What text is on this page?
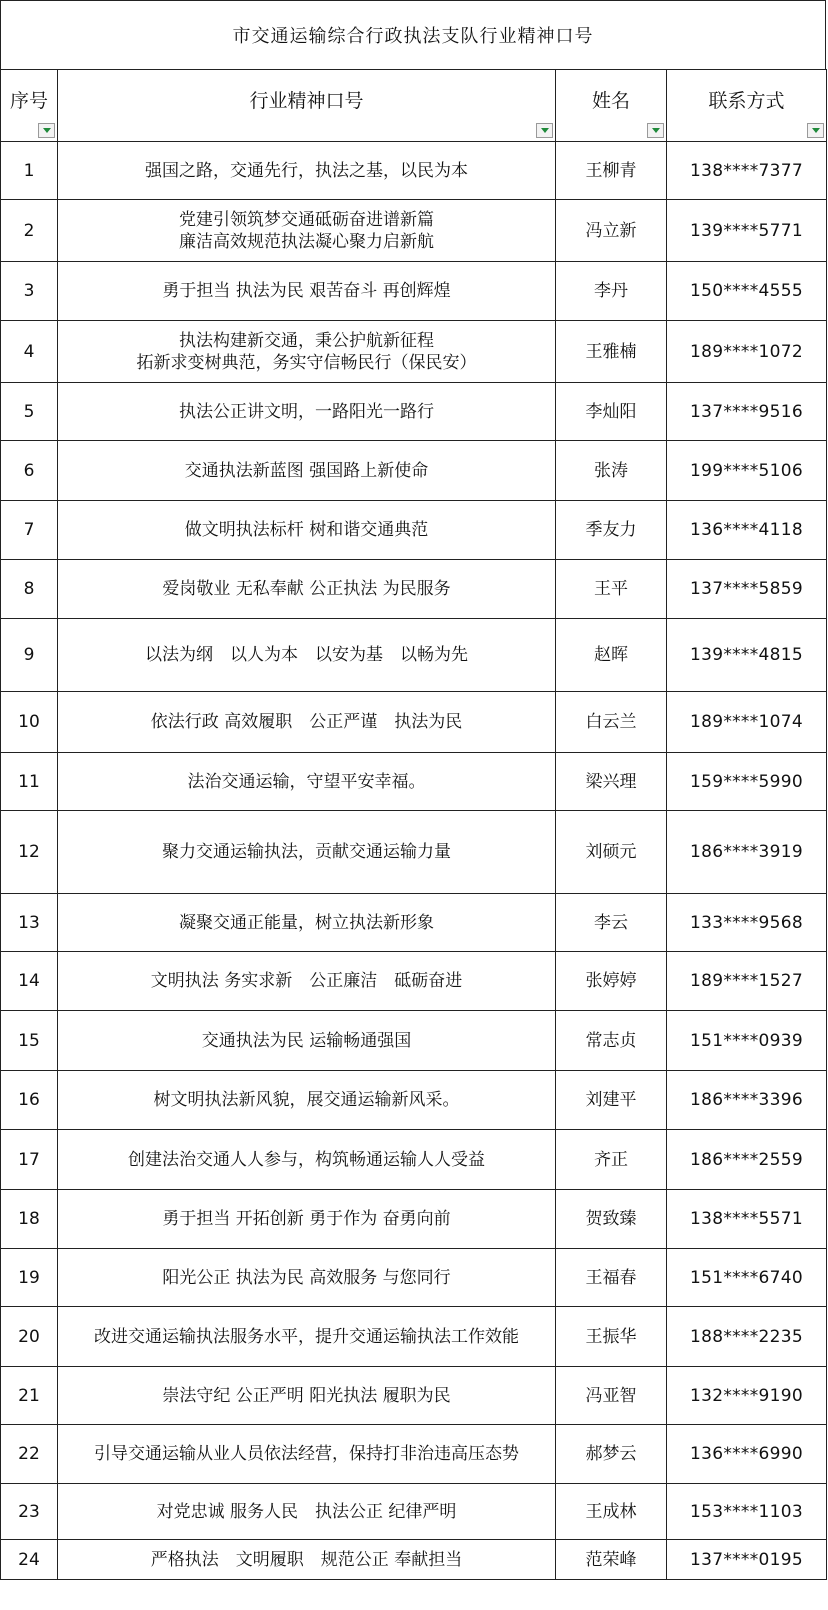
市交通运输综合行政执法支队行业精神口号
序号	行业精神口号	姓名	联系方式

1	强国之路，交通先行，执法之基，以民为本	王柳青	138****7377
2	党建引领筑梦交通砥砺奋进谱新篇
廉洁高效规范执法凝心聚力启新航	冯立新	139****5771
3	勇于担当 执法为民 艰苦奋斗 再创辉煌	李丹	150****4555
4	执法构建新交通，秉公护航新征程
拓新求变树典范，务实守信畅民行（保民安）	王雅楠	189****1072
5	执法公正讲文明，一路阳光一路行	李灿阳	137****9516
6	交通执法新蓝图 强国路上新使命	张涛	199****5106
7	做文明执法标杆 树和谐交通典范	季友力	136****4118
8	爱岗敬业 无私奉献 公正执法 为民服务	王平	137****5859
9	以法为纲　以人为本　以安为基　以畅为先	赵晖	139****4815
10	依法行政 高效履职　公正严谨　执法为民	白云兰	189****1074
11	法治交通运输，守望平安幸福。	梁兴理	159****5990
12	聚力交通运输执法，贡献交通运输力量	刘硕元	186****3919
13	凝聚交通正能量，树立执法新形象	李云	133****9568
14	文明执法 务实求新　公正廉洁　砥砺奋进	张婷婷	189****1527
15	交通执法为民 运输畅通强国	常志贞	151****0939
16	树文明执法新风貌，展交通运输新风采。	刘建平	186****3396
17	创建法治交通人人参与，构筑畅通运输人人受益	齐正	186****2559
18	勇于担当 开拓创新 勇于作为 奋勇向前	贺致臻	138****5571
19	阳光公正 执法为民 高效服务 与您同行	王福春	151****6740
20	改进交通运输执法服务水平，提升交通运输执法工作效能	王振华	188****2235
21	崇法守纪 公正严明 阳光执法 履职为民	冯亚智	132****9190
22	引导交通运输从业人员依法经营，保持打非治违高压态势	郝梦云	136****6990
23	对党忠诚 服务人民　执法公正 纪律严明	王成林	153****1103
24	严格执法　文明履职　规范公正 奉献担当	范荣峰	137****0195
